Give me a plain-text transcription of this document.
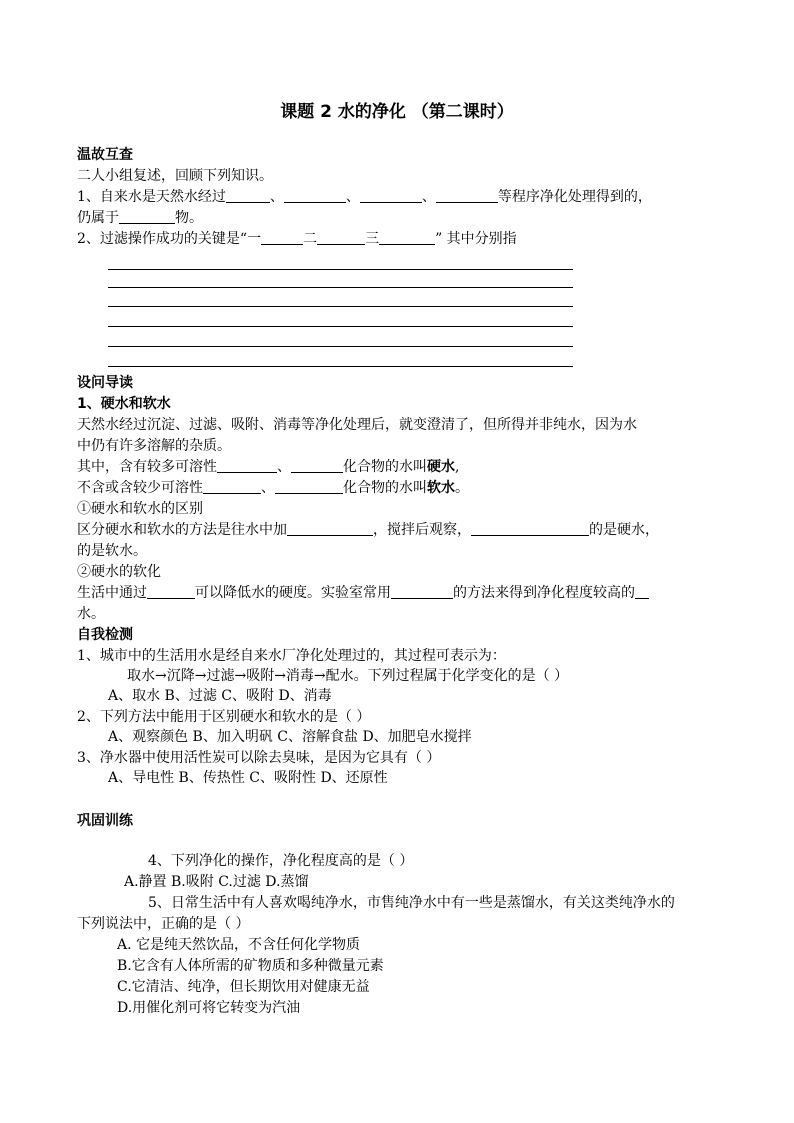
课题 2 水的净化 （第二课时）
温故互查
二人小组复述，回顾下列知识。
1、自来水是天然水经过	、	、	、	等程序净化处理得到的，
仍属于	物。
2、过滤操作成功的关键是“一	二	三	” 其中分别指
设问导读
1、硬水和软水
天然水经过沉淀、过滤、吸附、消毒等净化处理后，就变澄清了，但所得并非纯水，因为水
中仍有许多溶解的杂质。
其中，含有较多可溶性	、	化合物的水叫硬水,
不含或含较少可溶性	、	化合物的水叫软水。
①硬水和软水的区别
区分硬水和软水的方法是往水中加	，搅拌后观察，	的是硬水，
的是软水。
②硬水的软化
生活中通过	可以降低水的硬度。实验室常用	的方法来得到净化程度较高的
水。
自我检测
1、城市中的生活用水是经自来水厂净化处理过的，其过程可表示为：
取水→沉降→过滤→吸附→消毒→配水。下列过程属于化学变化的是（ ）
A、取水 B、过滤 C、吸附 D、消毒
2、下列方法中能用于区别硬水和软水的是（ ）
A、观察颜色 B、加入明矾 C、溶解食盐 D、加肥皂水搅拌
3、净水器中使用活性炭可以除去臭味，是因为它具有（ ）
A、导电性 B、传热性 C、吸附性 D、还原性
巩固训练
4、下列净化的操作，净化程度高的是（ ）
A.静置 B.吸附 C.过滤 D.蒸馏
5、日常生活中有人喜欢喝纯净水，市售纯净水中有一些是蒸馏水，有关这类纯净水的
下列说法中，正确的是（ ）
A. 它是纯天然饮品，不含任何化学物质
B.它含有人体所需的矿物质和多种微量元素
C.它清洁、纯净，但长期饮用对健康无益
D.用催化剂可将它转变为汽油
